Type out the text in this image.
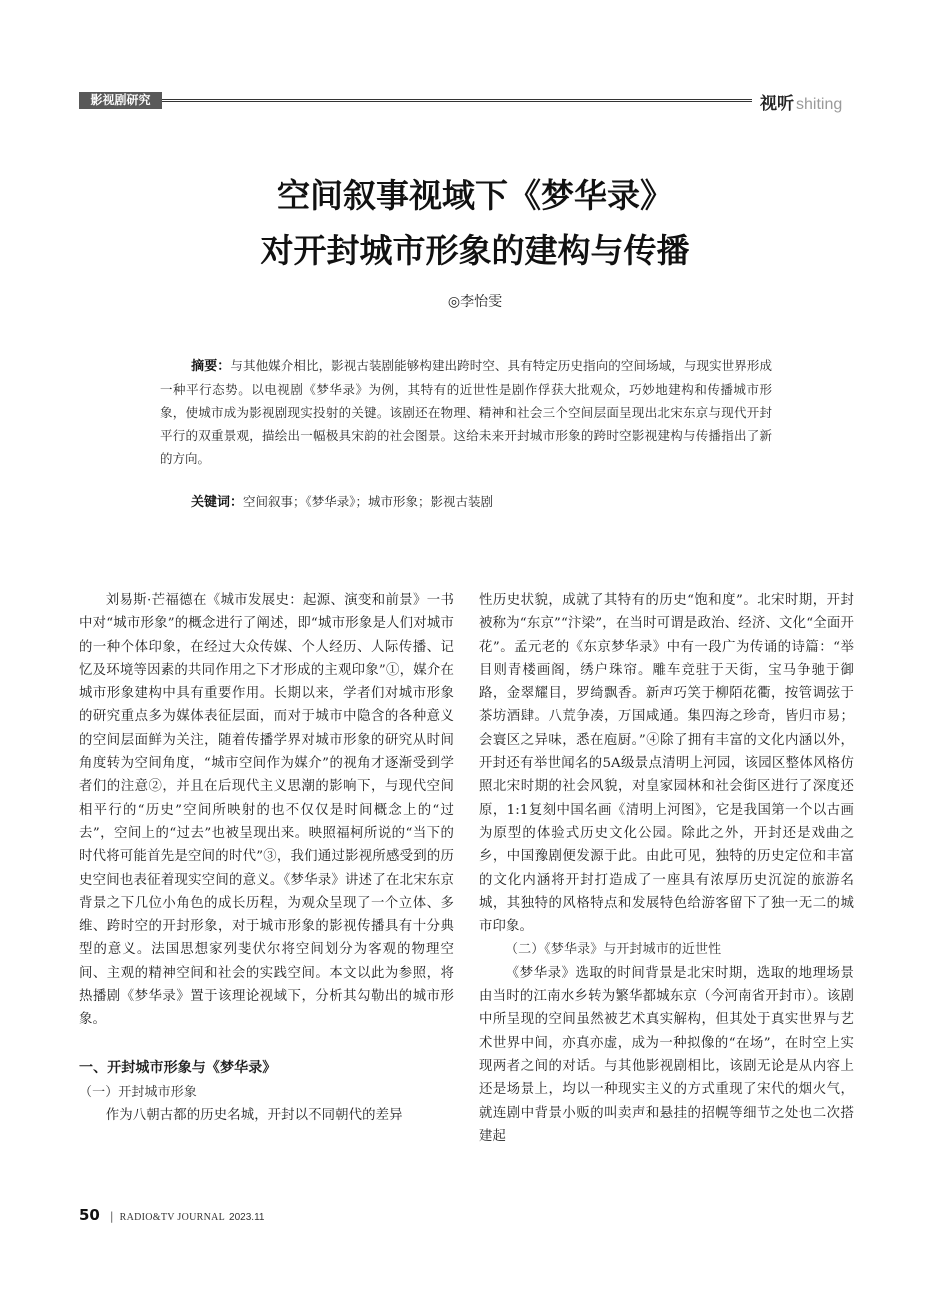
影视剧研究	视听 shiting
空间叙事视域下《梦华录》
对开封城市形象的建构与传播
◎李怡雯
摘要：与其他媒介相比，影视古装剧能够构建出跨时空、具有特定历史指向的空间场域，与现实世界形成一种平行态势。以电视剧《梦华录》为例，其特有的近世性是剧作俘获大批观众，巧妙地建构和传播城市形象，使城市成为影视剧现实投射的关键。该剧还在物理、精神和社会三个空间层面呈现出北宋东京与现代开封平行的双重景观，描绘出一幅极具宋韵的社会图景。这给未来开封城市形象的跨时空影视建构与传播指出了新的方向。
关键词：空间叙事；《梦华录》；城市形象；影视古装剧

刘易斯·芒福德在《城市发展史：起源、演变和前景》一书中对“城市形象”的概念进行了阐述，即“城市形象是人们对城市的一种个体印象，在经过大众传媒、个人经历、人际传播、记忆及环境等因素的共同作用之下才形成的主观印象”①，媒介在城市形象建构中具有重要作用。长期以来，学者们对城市形象的研究重点多为媒体表征层面，而对于城市中隐含的各种意义的空间层面鲜为关注，随着传播学界对城市形象的研究从时间角度转为空间角度，“城市空间作为媒介”的视角才逐渐受到学者们的注意②，并且在后现代主义思潮的影响下，与现代空间相平行的“历史”空间所映射的也不仅仅是时间概念上的“过去”，空间上的“过去”也被呈现出来。映照福柯所说的“当下的时代将可能首先是空间的时代”③，我们通过影视所感受到的历史空间也表征着现实空间的意义。《梦华录》讲述了在北宋东京背景之下几位小角色的成长历程，为观众呈现了一个立体、多维、跨时空的开封形象，对于城市形象的影视传播具有十分典型的意义。法国思想家列斐伏尔将空间划分为客观的物理空间、主观的精神空间和社会的实践空间。本文以此为参照，将热播剧《梦华录》置于该理论视域下，分析其勾勒出的城市形象。

一、开封城市形象与《梦华录》

（一）开封城市形象

作为八朝古都的历史名城，开封以不同朝代的差异

性历史状貌，成就了其特有的历史“饱和度”。北宋时期，开封被称为“东京”“汴梁”，在当时可谓是政治、经济、文化“全面开花”。孟元老的《东京梦华录》中有一段广为传诵的诗篇：“举目则青楼画阁，绣户珠帘。雕车竞驻于天街，宝马争驰于御路，金翠耀目，罗绮飘香。新声巧笑于柳陌花衢，按管调弦于茶坊酒肆。八荒争凑，万国咸通。集四海之珍奇，皆归市易；会寰区之异味，悉在庖厨。”④除了拥有丰富的文化内涵以外，开封还有举世闻名的5A级景点清明上河园，该园区整体风格仿照北宋时期的社会风貌，对皇家园林和社会街区进行了深度还原，1:1复刻中国名画《清明上河图》，它是我国第一个以古画为原型的体验式历史文化公园。除此之外，开封还是戏曲之乡，中国豫剧便发源于此。由此可见，独特的历史定位和丰富的文化内涵将开封打造成了一座具有浓厚历史沉淀的旅游名城，其独特的风格特点和发展特色给游客留下了独一无二的城市印象。

（二）《梦华录》与开封城市的近世性

《梦华录》选取的时间背景是北宋时期，选取的地理场景由当时的江南水乡转为繁华都城东京（今河南省开封市）。该剧中所呈现的空间虽然被艺术真实解构，但其处于真实世界与艺术世界中间，亦真亦虚，成为一种拟像的“在场”，在时空上实现两者之间的对话。与其他影视剧相比，该剧无论是从内容上还是场景上，均以一种现实主义的方式重现了宋代的烟火气，就连剧中背景小贩的叫卖声和悬挂的招幌等细节之处也二次搭建起

50 | RADIO&TV JOURNAL 2023.11
